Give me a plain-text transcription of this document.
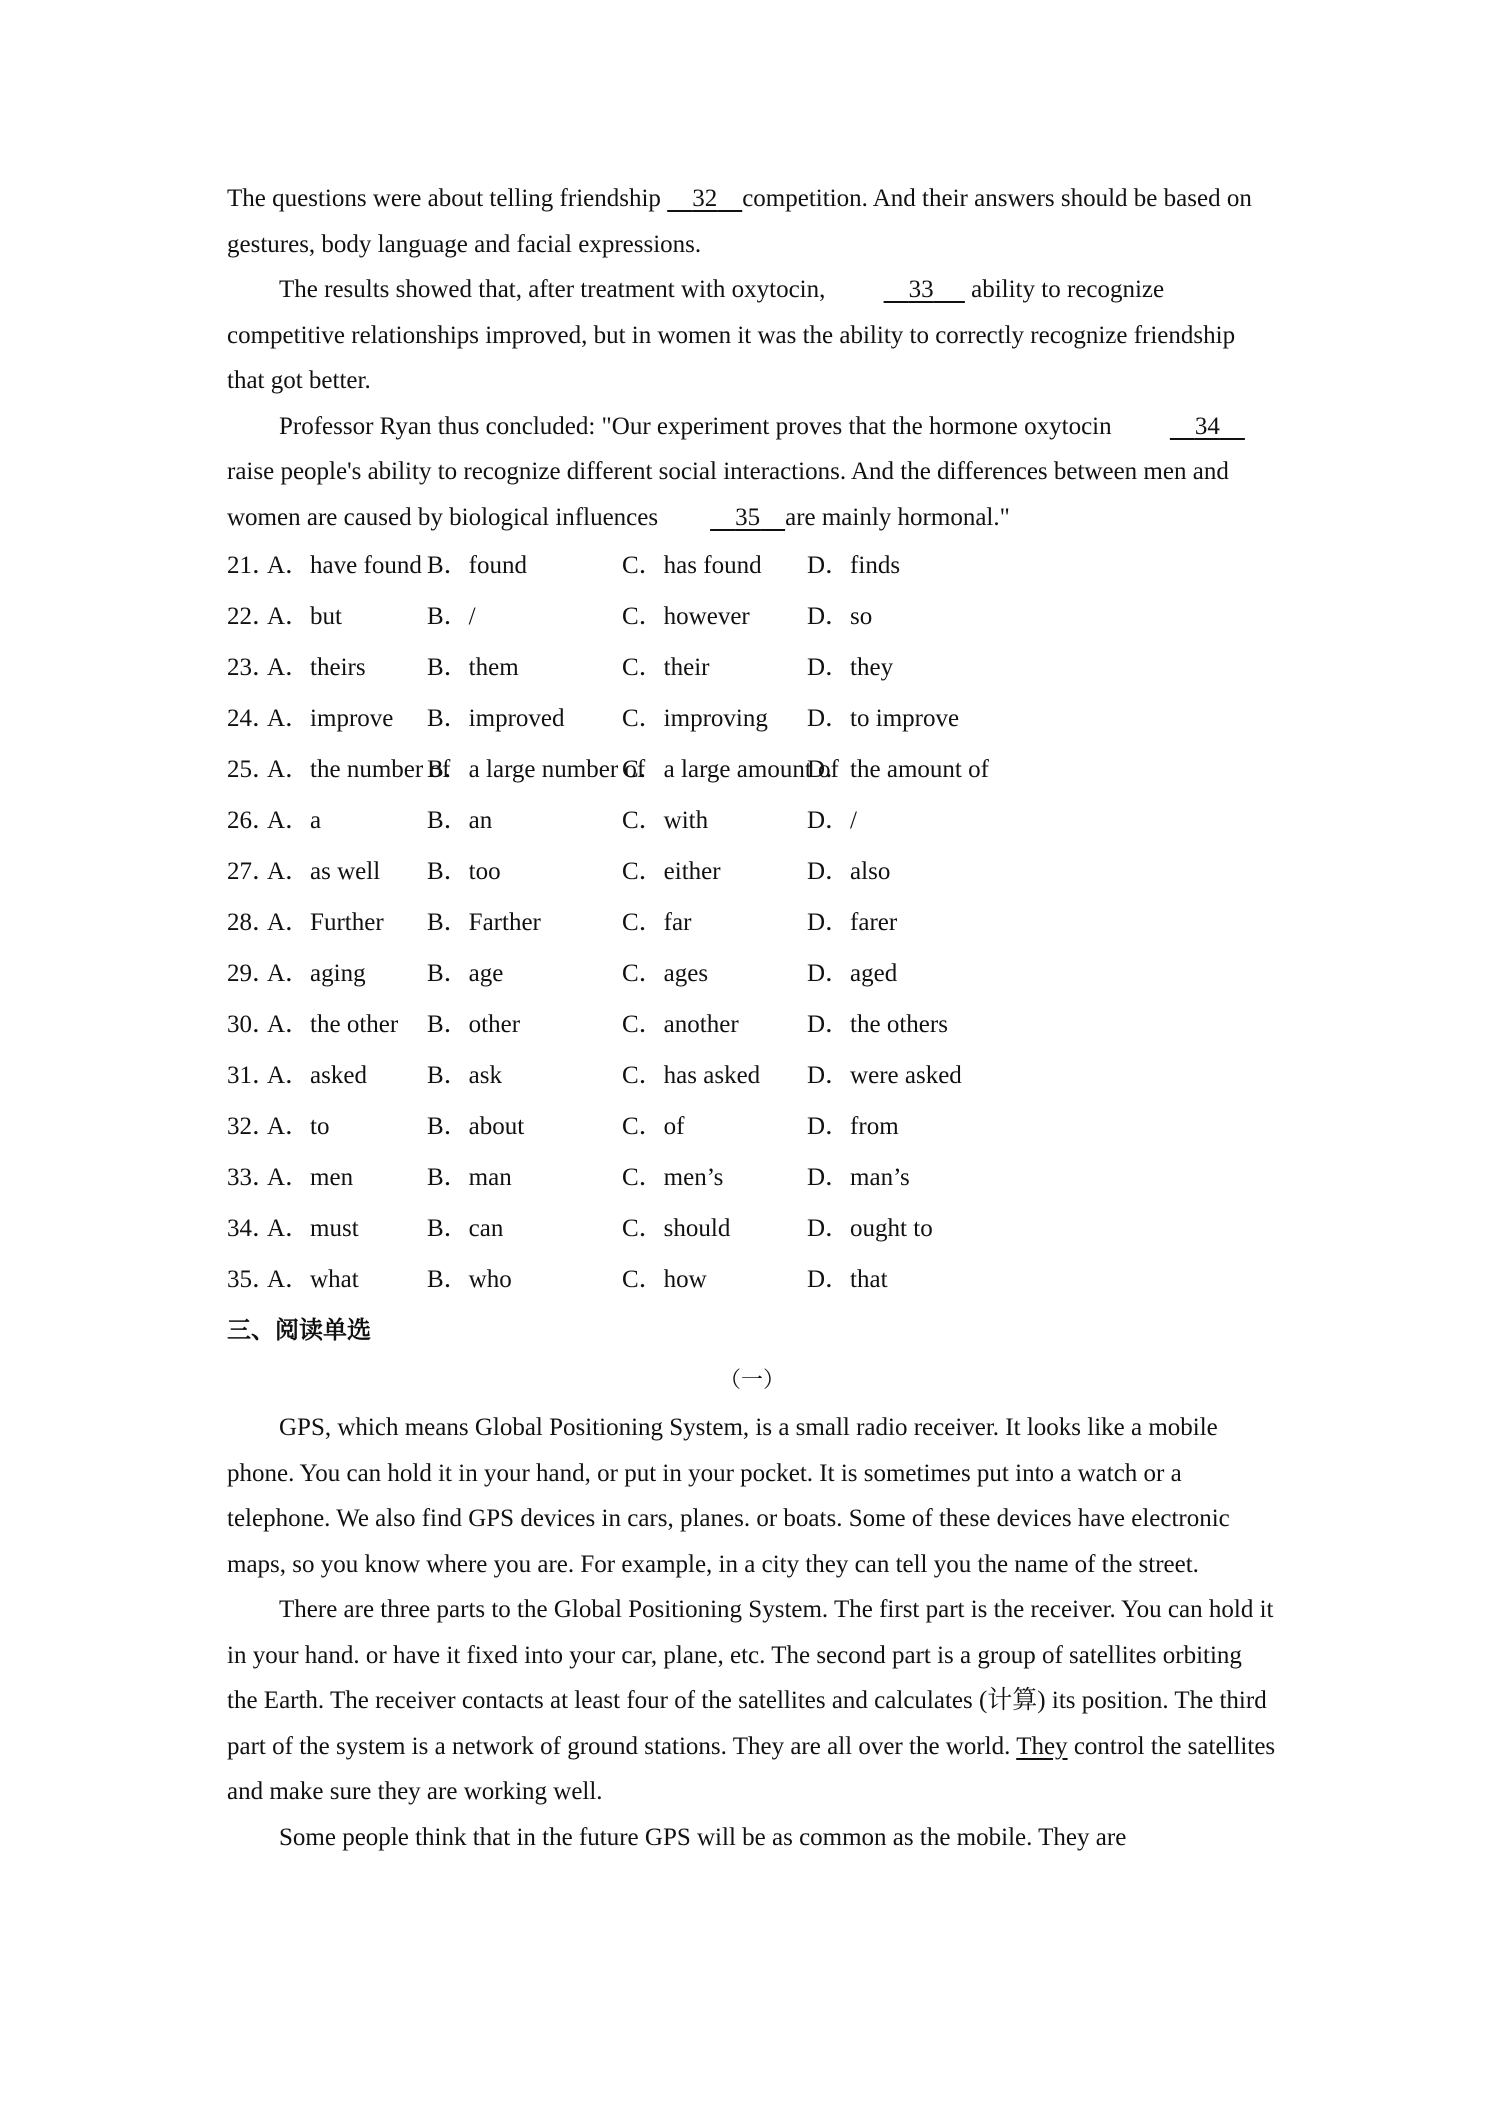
The questions were about telling friendship     32 competition. And their answers should be based on gestures, body language and facial expressions.

The results showed that, after treatment with oxytocin,	33      ability to recognize competitive relationships improved, but in women it was the ability to correctly recognize friendship that got better.

Professor Ryan thus concluded: "Our experiment proves that the hormone oxytocin	34    raise people's ability to recognize different social interactions. And the differences between men and women are caused by biological influences	35 are mainly hormonal."

21．
A．have found B．found	C．has found D．finds
22．
A．but	B．/	C．however D．so
23．
A．theirs B．them	C．their	D．they
24．
A．improve B．improved C．improving D．to improve
25．
A．the number of
B．a large number of
C．a large amount of
D．the amount of
26．
A．a	B．an	C．with	D．/
27．
A．as well B．too	C．either	D．also
28．
A．Further B．Farther	C．far	D．farer
29．
A．aging B．age	C．ages	D．aged
30．
A．the other B．other	C．another	D．the others
31．
A．asked B．ask	C．has asked D．were asked
32．
A．to	B．about	C．of	D．from
33．
A．men	B．man	C．men’s	D．man’s
34．
A．must	B．can	C．should	D．ought to
35．
A．what	B．who	C．how	D．that
三、阅读单选
（一）

GPS, which means Global Positioning System, is a small radio receiver. It looks like a mobile phone. You can hold it in your hand, or put in your pocket. It is sometimes put into a watch or a telephone. We also find GPS devices in cars, planes. or boats. Some of these devices have electronic maps, so you know where you are. For example, in a city they can tell you the name of the street.

There are three parts to the Global Positioning System. The first part is the receiver. You can hold it in your hand. or have it fixed into your car, plane, etc. The second part is a group of satellites orbiting the Earth. The receiver contacts at least four of the satellites and calculates (计算) its position. The third part of the system is a network of ground stations. They are all over the world. They control the satellites and make sure they are working well.

Some people think that in the future GPS will be as common as the mobile. They are
